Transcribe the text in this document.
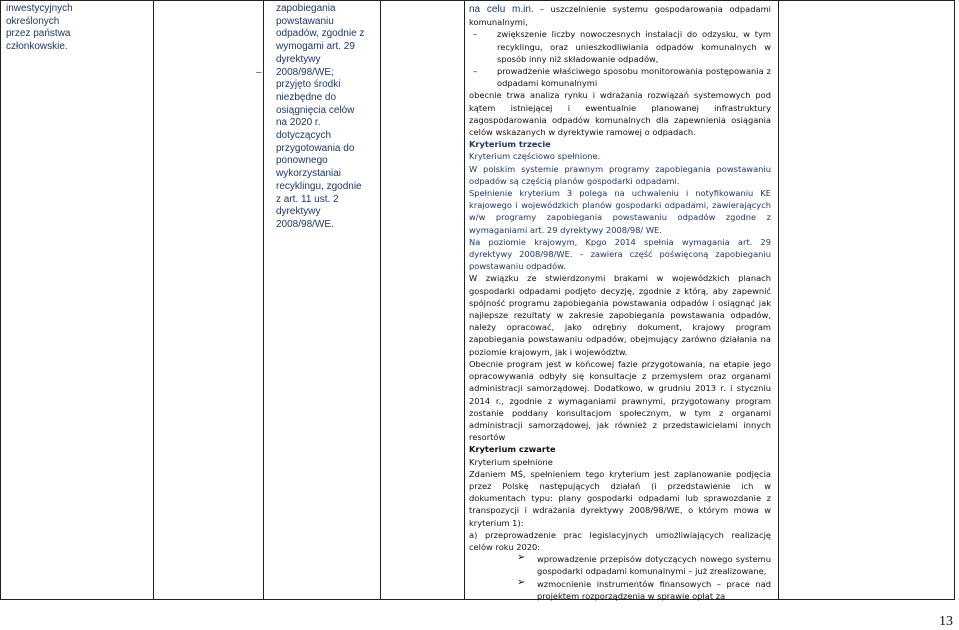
inwestycyjnych
określonych
przez państwa
członkowskie.
zapobiegania
powstawaniu
odpadów, zgodnie z
wymogami art. 29
dyrektywy
– 2008/98/WE;
przyjęto środki
niezbędne do
osiągnięcia celów
na 2020 r.
dotyczących
przygotowania do
ponownego
wykorzystaniai
recyklingu, zgodnie
z art. 11 ust. 2
dyrektywy
2008/98/WE.

na celu m.in. – uszczelnienie systemu gospodarowania odpadami komunalnymi,

– zwiększenie liczby nowoczesnych instalacji do odzysku, w tym recyklingu, oraz unieszkodliwiania odpadów komunalnych w sposób inny niż składowanie odpadów,

– prowadzenie właściwego sposobu monitorowania postępowania z odpadami komunalnymi

obecnie trwa analiza rynku i wdrażania rozwiązań systemowych pod kątem istniejącej i ewentualnie planowanej infrastruktury zagospodarowania odpadów komunalnych dla zapewnienia osiągania celów wskazanych w dyrektywie ramowej o odpadach.

Kryterium trzecie

Kryterium częściowo spełnione.

W polskim systemie prawnym programy zapobiegania powstawaniu odpadów są częścią planów gospodarki odpadami.

Spełnienie kryterium 3 polega na uchwaleniu i notyfikowaniu KE krajowego i wojewódzkich planów gospodarki odpadami, zawierających w/w programy zapobiegania powstawaniu odpadów zgodne z wymaganiami art. 29 dyrektywy 2008/98/ WE.

Na poziomie krajowym, Kpgo 2014 spełnia wymagania art. 29 dyrektywy 2008/98/WE. – zawiera część poświęconą zapobieganiu powstawaniu odpadów.

W związku ze stwierdzonymi brakami w wojewódzkich planach gospodarki odpadami podjęto decyzję, zgodnie z którą, aby zapewnić spójność programu zapobiegania powstawania odpadów i osiągnąć jak najlepsze rezultaty w zakresie zapobiegania powstawania odpadów, należy opracować, jako odrębny dokument, krajowy program zapobiegania powstawaniu odpadów, obejmujący zarówno działania na poziomie krajowym, jak i województw.

Obecnie program jest w końcowej fazie przygotowania, na etapie jego opracowywania odbyły się konsultacje z przemysłem oraz organami administracji samorządowej. Dodatkowo, w grudniu 2013 r. i styczniu 2014 r., zgodnie z wymaganiami prawnymi, przygotowany program zostanie poddany konsultacjom społecznym, w tym z organami administracji samorządowej, jak również z przedstawicielami innych resortów

Kryterium czwarte

Kryterium spełnione

Zdaniem MŚ, spełnieniem tego kryterium jest zaplanowanie podjęcia przez Polskę następujących działań (i przedstawienie ich w dokumentach typu: plany gospodarki odpadami lub sprawozdanie z transpozycji i wdrażania dyrektywy 2008/98/WE, o którym mowa w kryterium 1):

a) przeprowadzenie prac legislacyjnych umożliwiających realizację celów roku 2020:

➢ wprowadzenie przepisów dotyczących nowego systemu gospodarki odpadami komunalnymi – już zrealizowane,

➢ wzmocnienie instrumentów finansowych – prace nad projektem rozporządzenia w sprawie opłat za

13
